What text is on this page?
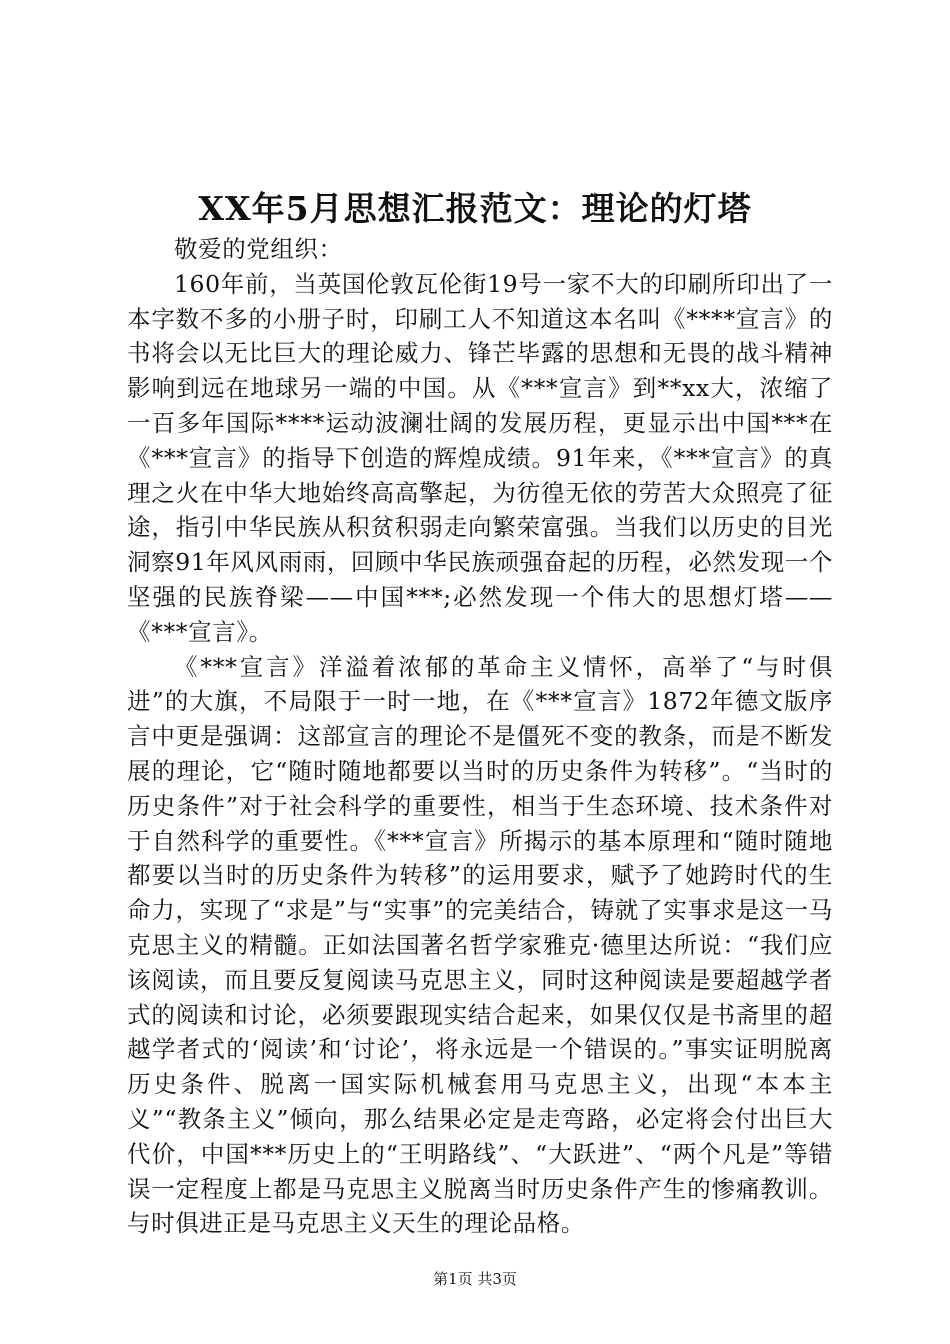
XX年5月思想汇报范文：理论的灯塔

敬爱的党组织：

160年前，当英国伦敦瓦伦街19号一家不大的印刷所印出了一本字数不多的小册子时，印刷工人不知道这本名叫《****宣言》的书将会以无比巨大的理论威力、锋芒毕露的思想和无畏的战斗精神影响到远在地球另一端的中国。从《***宣言》到**xx大，浓缩了一百多年国际****运动波澜壮阔的发展历程，更显示出中国***在《***宣言》的指导下创造的辉煌成绩。91年来，《***宣言》的真理之火在中华大地始终高高擎起，为彷徨无依的劳苦大众照亮了征途，指引中华民族从积贫积弱走向繁荣富强。当我们以历史的目光洞察91年风风雨雨，回顾中华民族顽强奋起的历程，必然发现一个坚强的民族脊梁——中国***;必然发现一个伟大的思想灯塔——《***宣言》。

《***宣言》洋溢着浓郁的革命主义情怀，高举了“与时俱进”的大旗，不局限于一时一地，在《***宣言》1872年德文版序言中更是强调：这部宣言的理论不是僵死不变的教条，而是不断发展的理论，它“随时随地都要以当时的历史条件为转移”。“当时的历史条件”对于社会科学的重要性，相当于生态环境、技术条件对于自然科学的重要性。《***宣言》所揭示的基本原理和“随时随地都要以当时的历史条件为转移”的运用要求，赋予了她跨时代的生命力，实现了“求是”与“实事”的完美结合，铸就了实事求是这一马克思主义的精髓。正如法国著名哲学家雅克·德里达所说：“我们应该阅读，而且要反复阅读马克思主义，同时这种阅读是要超越学者式的阅读和讨论，必须要跟现实结合起来，如果仅仅是书斋里的超越学者式的‘阅读’和‘讨论’，将永远是一个错误的。”事实证明脱离历史条件、脱离一国实际机械套用马克思主义，出现“本本主义”“教条主义”倾向，那么结果必定是走弯路，必定将会付出巨大代价，中国***历史上的“王明路线”、“大跃进”、“两个凡是”等错误一定程度上都是马克思主义脱离当时历史条件产生的惨痛教训。与时俱进正是马克思主义天生的理论品格。

第1页 共3页
